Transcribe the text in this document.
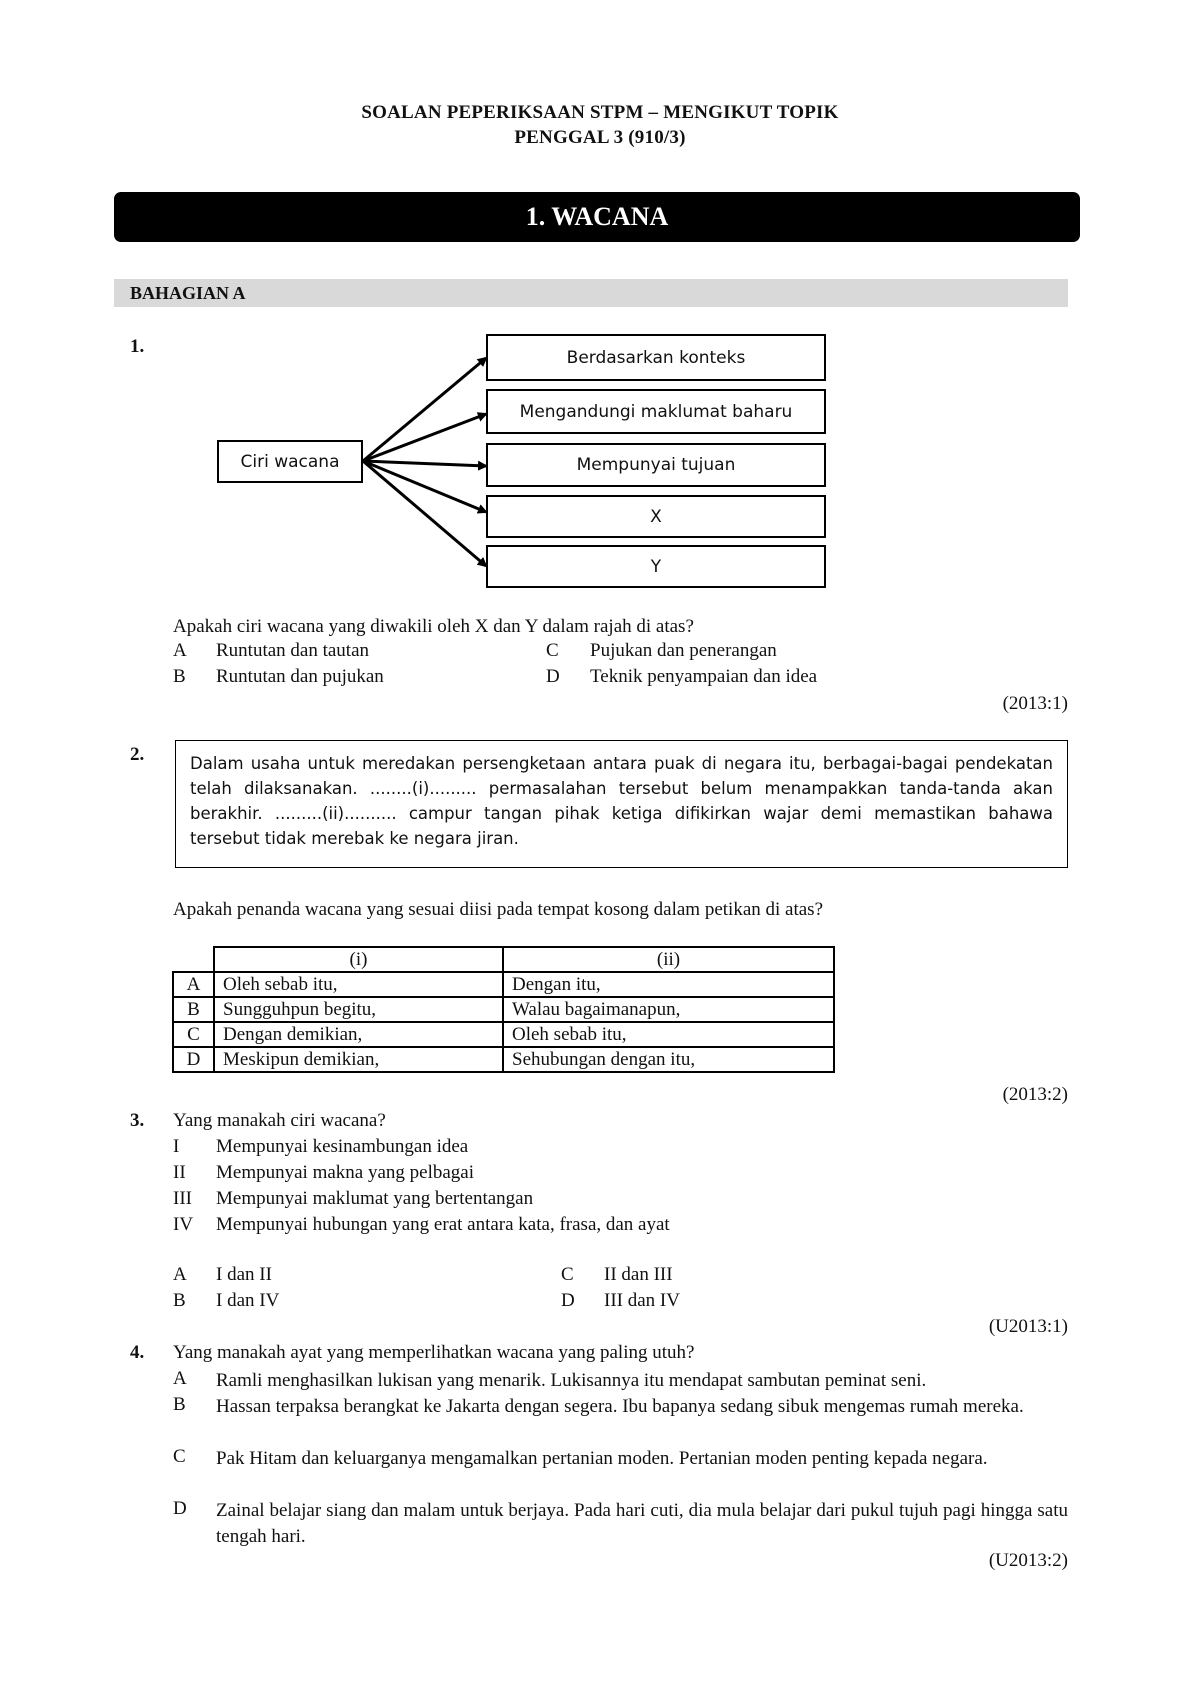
SOALAN PEPERIKSAAN STPM – MENGIKUT TOPIK
PENGGAL 3 (910/3)
1. WACANA
BAHAGIAN A
1.
Ciri wacana
Berdasarkan konteks
Mengandungi maklumat baharu
Mempunyai tujuan
X
Y
Apakah ciri wacana yang diwakili oleh X dan Y dalam rajah di atas?
A Runtutan dan tautan
B Runtutan dan pujukan
C Pujukan dan penerangan
D Teknik penyampaian dan idea
(2013:1)
2.	Dalam usaha untuk meredakan persengketaan antara puak di negara itu, berbagai-bagai pendekatan telah dilaksanakan. ........(i)......... permasalahan tersebut belum menampakkan tanda-tanda akan berakhir. .........(ii).......... campur tangan pihak ketiga difikirkan wajar demi memastikan bahawa tersebut tidak merebak ke negara jiran.
Apakah penanda wacana yang sesuai diisi pada tempat kosong dalam petikan di atas?
	(i)	(ii)
A	Oleh sebab itu,	Dengan itu,
B	Sungguhpun begitu,	Walau bagaimanapun,
C	Dengan demikian,	Oleh sebab itu,
D	Meskipun demikian,	Sehubungan dengan itu,
(2013:2)
3. Yang manakah ciri wacana?
I Mempunyai kesinambungan idea
II Mempunyai makna yang pelbagai
III Mempunyai maklumat yang bertentangan
IV Mempunyai hubungan yang erat antara kata, frasa, dan ayat
A I dan II
B I dan IV
C II dan III
D III dan IV
(U2013:1)
4. Yang manakah ayat yang memperlihatkan wacana yang paling utuh?
A Ramli menghasilkan lukisan yang menarik. Lukisannya itu mendapat sambutan peminat seni.
B Hassan terpaksa berangkat ke Jakarta dengan segera. Ibu bapanya sedang sibuk mengemas rumah mereka.
C Pak Hitam dan keluarganya mengamalkan pertanian moden. Pertanian moden penting kepada negara.
D Zainal belajar siang dan malam untuk berjaya. Pada hari cuti, dia mula belajar dari pukul tujuh pagi hingga satu tengah hari.
(U2013:2)
